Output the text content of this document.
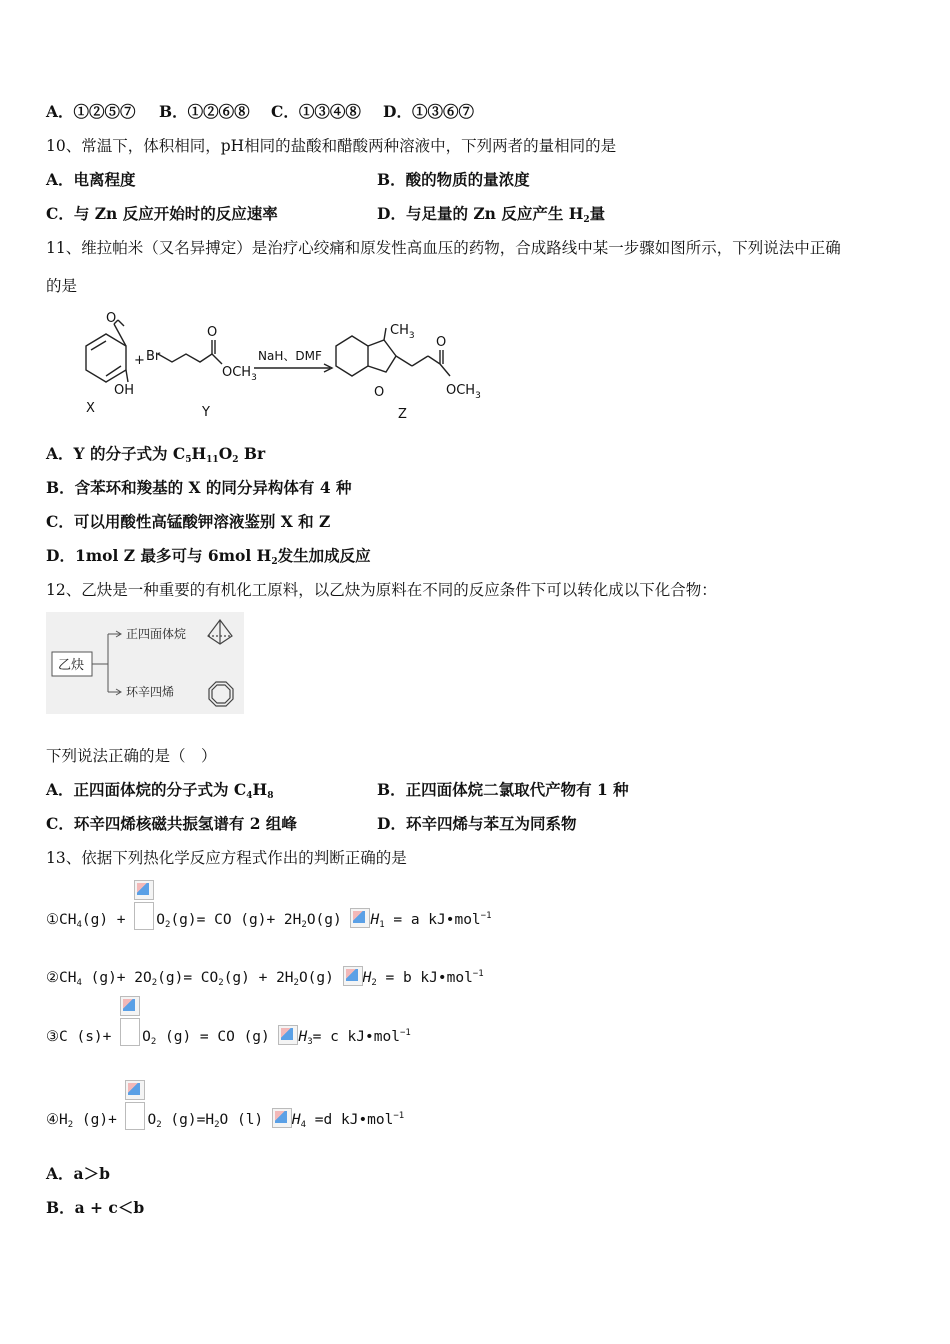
A．①②⑤⑦ B．①②⑥⑧ C．①③④⑧ D．①③⑥⑦
10、常温下，体积相同，pH相同的盐酸和醋酸两种溶液中，下列两者的量相同的是
A．电离程度	B．酸的物质的量浓度
C．与 Zn 反应开始时的反应速率	D．与足量的 Zn 反应产生 $H_2$量
11、维拉帕米（又名异搏定）是治疗心绞痛和原发性高血压的药物，合成路线中某一步骤如图所示，下列说法中正确
的是
O
OH
X
+ Br
O
$OCH_3$
Y
NaH、DMF
$CH_3$
O
O
$OCH_3$
Z
A．Y 的分子式为 $C_5H_{11}O_2$ Br
B．含苯环和羧基的 X 的同分异构体有 4 种
C．可以用酸性高锰酸钾溶液鉴别 X 和 Z
D．1mol Z 最多可与 6mol $H_2$发生加成反应
12、乙炔是一种重要的有机化工原料，以乙炔为原料在不同的反应条件下可以转化成以下化合物：
乙炔
正四面体烷
环辛四烯
下列说法正确的是（　）
A．正四面体烷的分子式为 $C_4H_8$	B．正四面体烷二氯取代产物有 1 种
C．环辛四烯核磁共振氢谱有 2 组峰	D．环辛四烯与苯互为同系物
13、依据下列热化学反应方程式作出的判断正确的是
$①CH_4(g) + O_2(g)=$ CO $(g)+ 2H_2O(g)$
$H_1 = a$ kJ•mol$^{-1}$
$②CH_4$ $(g)+ 2O_2(g)= CO_2(g) + 2H_2O(g)$
$H_2 = b$ kJ•mol$^{-1}$
③C $(s)+ O_2$ (g) = CO (g)
$H_3= c$ kJ•mol$^{-1}$
$④H_2$ $(g)+ O_2$ $(g)=H_2O$ (l)
$H_4 =d$ kJ•mol$^{-1}$
A．a＞b
B．a + c＜b
